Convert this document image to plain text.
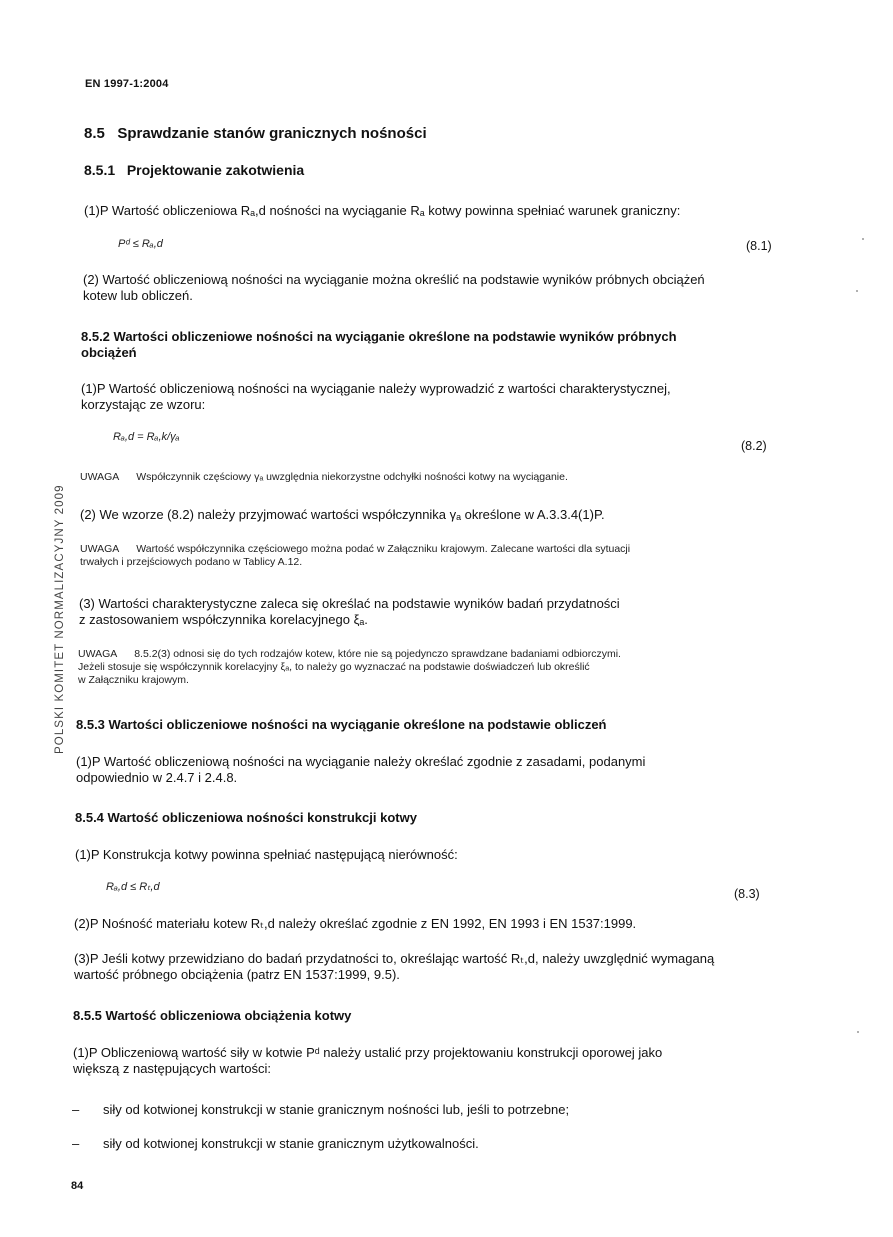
EN 1997-1:2004
POLSKI KOMITET NORMALIZACYJNY 2009
8.5 Sprawdzanie stanów granicznych nośności
8.5.1 Projektowanie zakotwienia
(1)P Wartość obliczeniowa Rₐ,d nośności na wyciąganie Rₐ kotwy powinna spełniać warunek graniczny:
Pᵈ ≤ Rₐ,d	(8.1)
(2) Wartość obliczeniową nośności na wyciąganie można określić na podstawie wyników próbnych obciążeń
kotew lub obliczeń.
8.5.2 Wartości obliczeniowe nośności na wyciąganie określone na podstawie wyników próbnych
obciążeń
(1)P Wartość obliczeniową nośności na wyciąganie należy wyprowadzić z wartości charakterystycznej,
korzystając ze wzoru:
Rₐ,d = Rₐ,k/γₐ
(8.2)
UWAGA Współczynnik częściowy γₐ uwzględnia niekorzystne odchyłki nośności kotwy na wyciąganie.
(2) We wzorze (8.2) należy przyjmować wartości współczynnika γₐ określone w A.3.3.4(1)P.
UWAGA Wartość współczynnika częściowego można podać w Załączniku krajowym. Zalecane wartości dla sytuacji
trwałych i przejściowych podano w Tablicy A.12.
(3) Wartości charakterystyczne zaleca się określać na podstawie wyników badań przydatności
z zastosowaniem współczynnika korelacyjnego ξₐ.
UWAGA 8.5.2(3) odnosi się do tych rodzajów kotew, które nie są pojedynczo sprawdzane badaniami odbiorczymi.
Jeżeli stosuje się współczynnik korelacyjny ξₐ, to należy go wyznaczać na podstawie doświadczeń lub określić
w Załączniku krajowym.
8.5.3 Wartości obliczeniowe nośności na wyciąganie określone na podstawie obliczeń
(1)P Wartość obliczeniową nośności na wyciąganie należy określać zgodnie z zasadami, podanymi
odpowiednio w 2.4.7 i 2.4.8.
8.5.4 Wartość obliczeniowa nośności konstrukcji kotwy
(1)P Konstrukcja kotwy powinna spełniać następującą nierówność:
Rₐ,d ≤ Rₜ,d	(8.3)
(2)P Nośność materiału kotew Rₜ,d należy określać zgodnie z EN 1992, EN 1993 i EN 1537:1999.
(3)P Jeśli kotwy przewidziano do badań przydatności to, określając wartość Rₜ,d, należy uwzględnić wymaganą
wartość próbnego obciążenia (patrz EN 1537:1999, 9.5).
8.5.5 Wartość obliczeniowa obciążenia kotwy
(1)P Obliczeniową wartość siły w kotwie Pᵈ należy ustalić przy projektowaniu konstrukcji oporowej jako
większą z następujących wartości:
– siły od kotwionej konstrukcji w stanie granicznym nośności lub, jeśli to potrzebne;
– siły od kotwionej konstrukcji w stanie granicznym użytkowalności.
84
